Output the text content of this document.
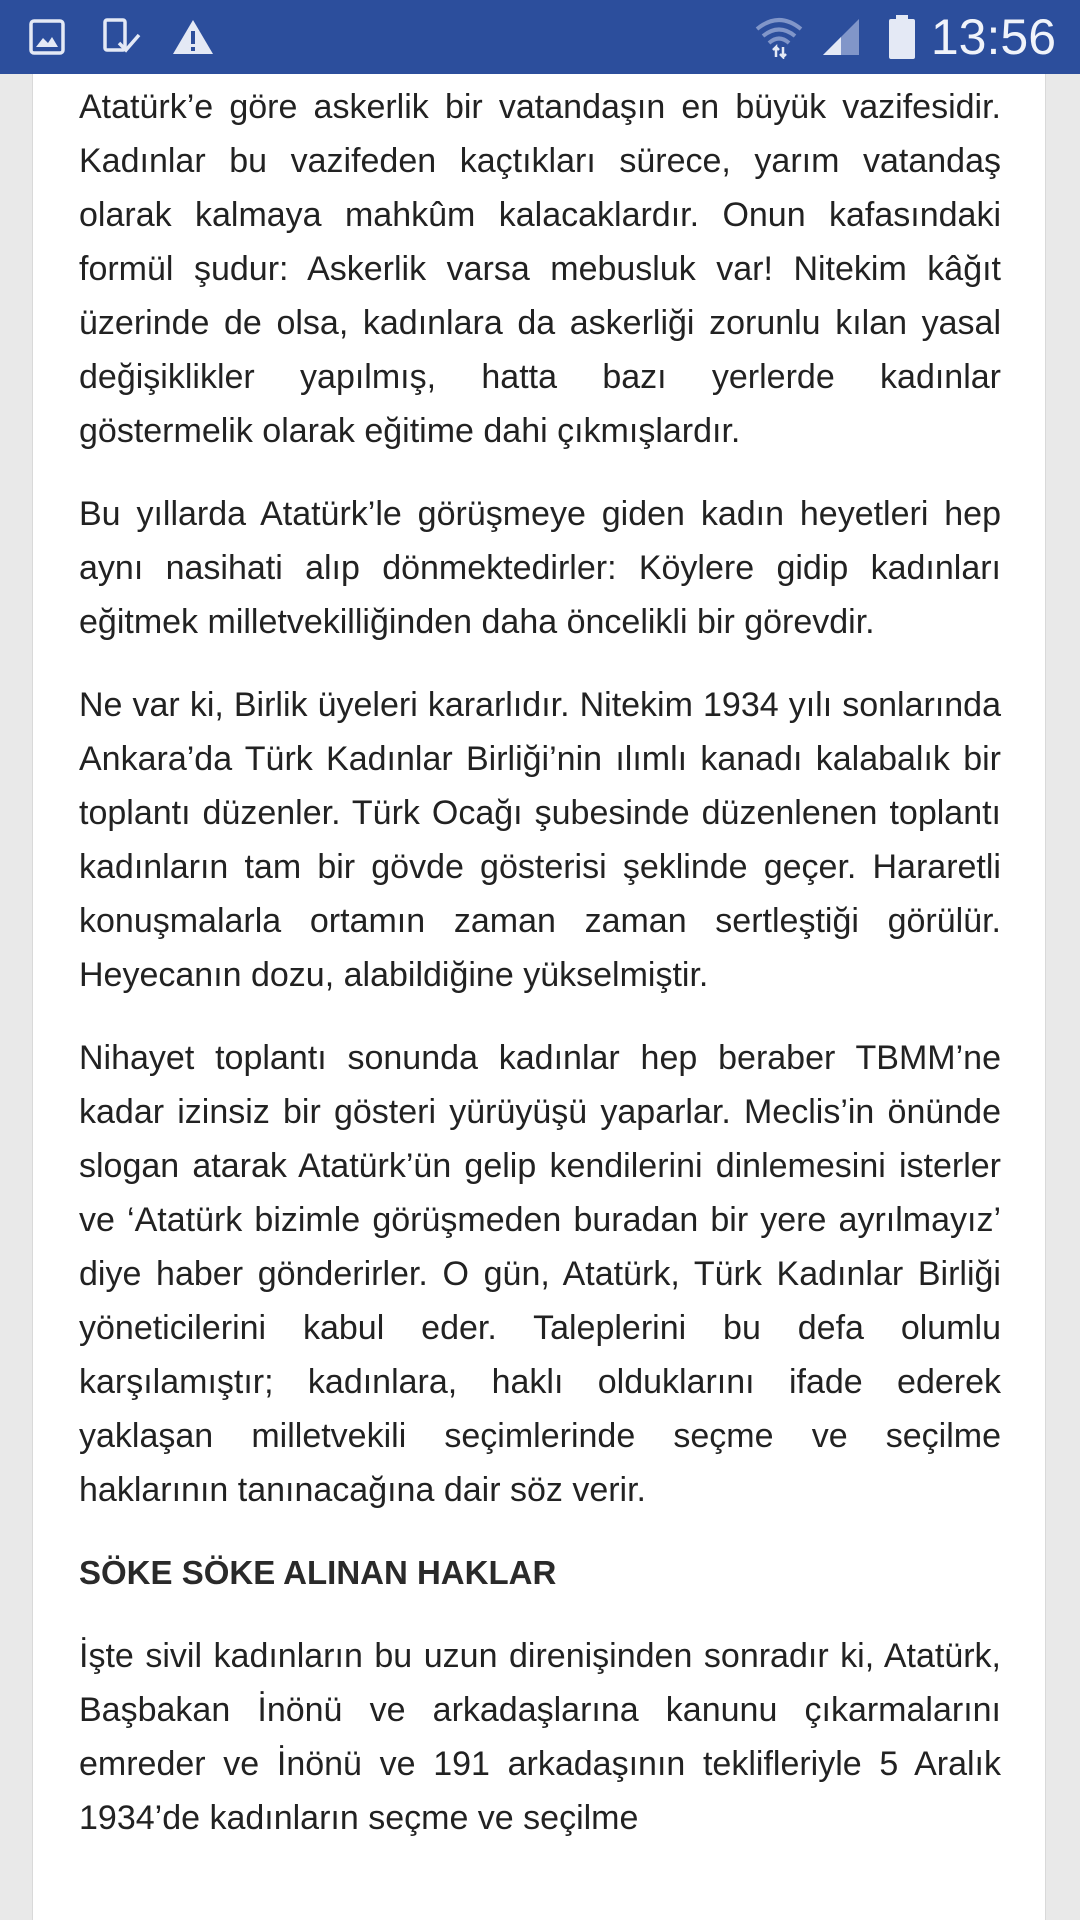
13:56

Atatürk’e göre askerlik bir vatandaşın en büyük vazifesidir. Kadınlar bu vazifeden kaçtıkları sürece, yarım vatandaş olarak kalmaya mahkûm kalacaklardır. Onun kafasındaki formül şudur: Askerlik varsa mebusluk var! Nitekim kâğıt üzerinde de olsa, kadınlara da askerliği zorunlu kılan yasal değişiklikler yapılmış, hatta bazı yerlerde kadınlar göstermelik olarak eğitime dahi çıkmışlardır.

Bu yıllarda Atatürk’le görüşmeye giden kadın heyetleri hep aynı nasihati alıp dönmektedirler: Köylere gidip kadınları eğitmek milletvekilliğinden daha öncelikli bir görevdir.

Ne var ki, Birlik üyeleri kararlıdır. Nitekim 1934 yılı sonlarında Ankara’da Türk Kadınlar Birliği’nin ılımlı kanadı kalabalık bir toplantı düzenler. Türk Ocağı şubesinde düzenlenen toplantı kadınların tam bir gövde gösterisi şeklinde geçer. Hararetli konuşmalarla ortamın zaman zaman sertleştiği görülür. Heyecanın dozu, alabildiğine yükselmiştir.

Nihayet toplantı sonunda kadınlar hep beraber TBMM’ne kadar izinsiz bir gösteri yürüyüşü yaparlar. Meclis’in önünde slogan atarak Atatürk’ün gelip kendilerini dinlemesini isterler ve ‘Atatürk bizimle görüşmeden buradan bir yere ayrılmayız’ diye haber gönderirler. O gün, Atatürk, Türk Kadınlar Birliği yöneticilerini kabul eder. Taleplerini bu defa olumlu karşılamıştır; kadınlara, haklı olduklarını ifade ederek yaklaşan milletvekili seçimlerinde seçme ve seçilme haklarının tanınacağına dair söz verir.

SÖKE SÖKE ALINAN HAKLAR

İşte sivil kadınların bu uzun direnişinden sonradır ki, Atatürk, Başbakan İnönü ve arkadaşlarına kanunu çıkarmalarını emreder ve İnönü ve 191 arkadaşının teklifleriyle 5 Aralık 1934’de kadınların seçme ve seçilme
